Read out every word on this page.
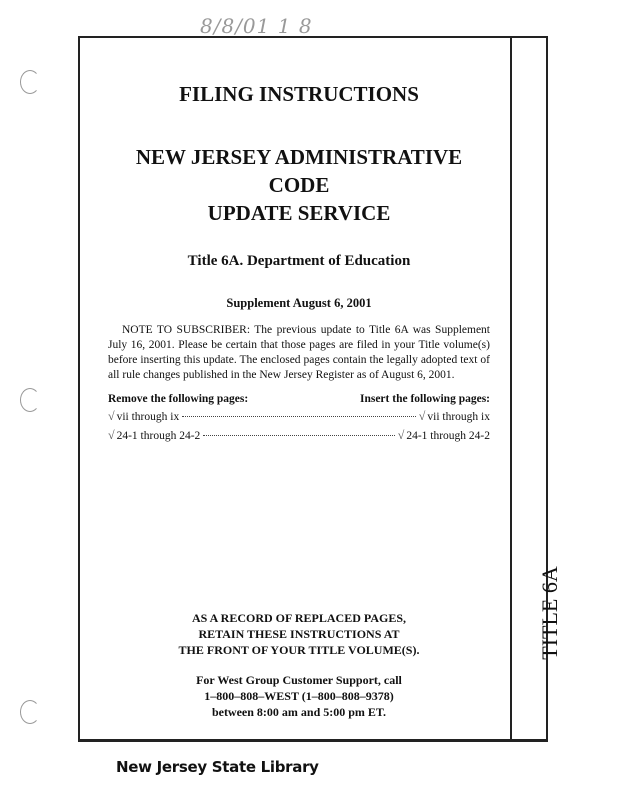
8/8/01 1 8
TITLE 6A
FILING INSTRUCTIONS
NEW JERSEY ADMINISTRATIVE CODE
UPDATE SERVICE
Title 6A. Department of Education
Supplement August 6, 2001
NOTE TO SUBSCRIBER: The previous update to Title 6A was Supplement July 16, 2001. Please be certain that those pages are filed in your Title volume(s) before inserting this update. The enclosed pages contain the legally adopted text of all rule changes published in the New Jersey Register as of August 6, 2001.
Remove the following pages:	Insert the following pages:
√ vii through ix	√ vii through ix
√ 24-1 through 24-2	√ 24-1 through 24-2
AS A RECORD OF REPLACED PAGES,
RETAIN THESE INSTRUCTIONS AT
THE FRONT OF YOUR TITLE VOLUME(S).
For West Group Customer Support, call
1–800–808–WEST (1–800–808–9378)
between 8:00 am and 5:00 pm ET.
New Jersey State Library
